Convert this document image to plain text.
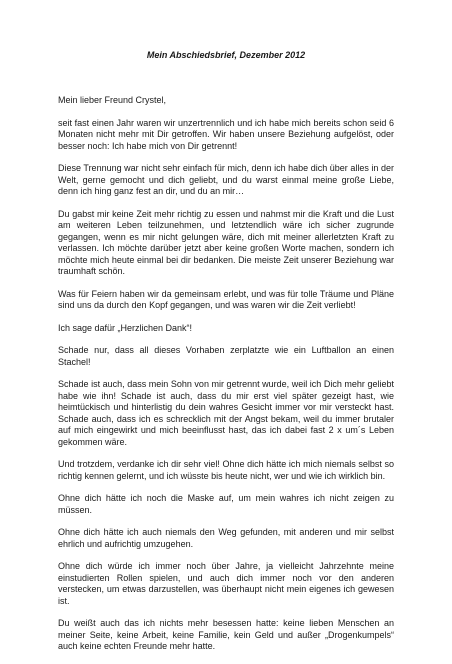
Mein Abschiedsbrief, Dezember 2012

Mein lieber Freund Crystel,

seit fast einen Jahr waren wir unzertrennlich und ich habe mich bereits schon seid 6 Monaten nicht mehr mit Dir getroffen. Wir haben unsere Beziehung aufgelöst, oder besser noch: Ich habe mich von Dir getrennt!

Diese Trennung war nicht sehr einfach für mich, denn ich habe dich über alles in der Welt, gerne gemocht und dich geliebt, und du warst einmal meine große Liebe, denn ich hing ganz fest an dir, und du an mir…

Du gabst mir keine Zeit mehr richtig zu essen und nahmst mir die Kraft und die Lust am weiteren Leben teilzunehmen, und letztendlich wäre ich sicher zugrunde gegangen, wenn es mir nicht gelungen wäre, dich mit meiner allerletzten Kraft zu verlassen. Ich möchte darüber jetzt aber keine großen Worte machen, sondern ich möchte mich heute einmal bei dir bedanken. Die meiste Zeit unserer Beziehung war traumhaft schön.

Was für Feiern haben wir da gemeinsam erlebt, und was für tolle Träume und Pläne sind uns da durch den Kopf gegangen, und was waren wir die Zeit verliebt!

Ich sage dafür „Herzlichen Dank“!

Schade nur, dass all dieses Vorhaben zerplatzte wie ein Luftballon an einen Stachel!

Schade ist auch, dass mein Sohn von mir getrennt wurde, weil ich Dich mehr geliebt habe wie ihn! Schade ist auch, dass du mir erst viel später gezeigt hast, wie heimtückisch und hinterlistig du dein wahres Gesicht immer vor mir versteckt hast. Schade auch, dass ich es schrecklich mit der Angst bekam, weil du immer brutaler auf mich eingewirkt und mich beeinflusst hast, das ich dabei fast 2 x um´s Leben gekommen wäre.

Und trotzdem, verdanke ich dir sehr viel! Ohne dich hätte ich mich niemals selbst so richtig kennen gelernt, und ich wüsste bis heute nicht, wer und wie ich wirklich bin.

Ohne dich hätte ich noch die Maske auf, um mein wahres ich nicht zeigen zu müssen.

Ohne dich hätte ich auch niemals den Weg gefunden, mit anderen und mir selbst ehrlich und aufrichtig umzugehen.

Ohne dich würde ich immer noch über Jahre, ja vielleicht Jahrzehnte meine einstudierten Rollen spielen, und auch dich immer noch vor den anderen verstecken, um etwas darzustellen, was überhaupt nicht mein eigenes ich gewesen ist.

Du weißt auch das ich nichts mehr besessen hatte: keine lieben Menschen an meiner Seite, keine Arbeit, keine Familie, kein Geld und außer „Drogenkumpels“ auch keine echten Freunde mehr hatte.
